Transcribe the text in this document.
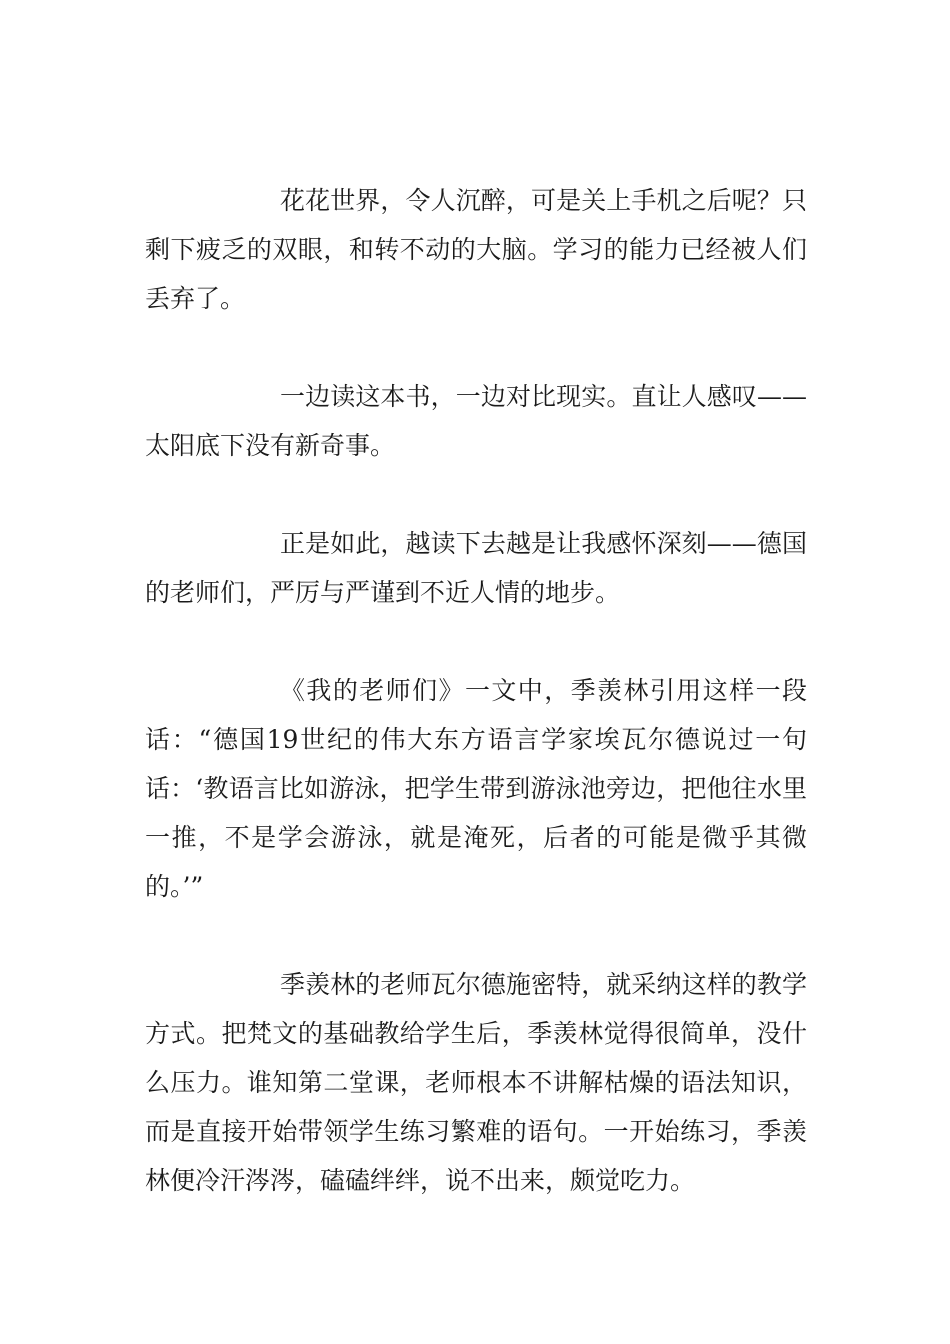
花花世界，令人沉醉，可是关上手机之后呢？只剩下疲乏的双眼，和转不动的大脑。学习的能力已经被人们丢弃了。

一边读这本书，一边对比现实。直让人感叹——太阳底下没有新奇事。

正是如此，越读下去越是让我感怀深刻——德国的老师们，严厉与严谨到不近人情的地步。

《我的老师们》一文中，季羡林引用这样一段话：“德国19世纪的伟大东方语言学家埃瓦尔德说过一句话：‘教语言比如游泳，把学生带到游泳池旁边，把他往水里一推，不是学会游泳，就是淹死，后者的可能是微乎其微的。’”

季羡林的老师瓦尔德施密特，就采纳这样的教学方式。把梵文的基础教给学生后，季羡林觉得很简单，没什么压力。谁知第二堂课，老师根本不讲解枯燥的语法知识，而是直接开始带领学生练习繁难的语句。一开始练习，季羡林便冷汗涔涔，磕磕绊绊，说不出来，颇觉吃力。
